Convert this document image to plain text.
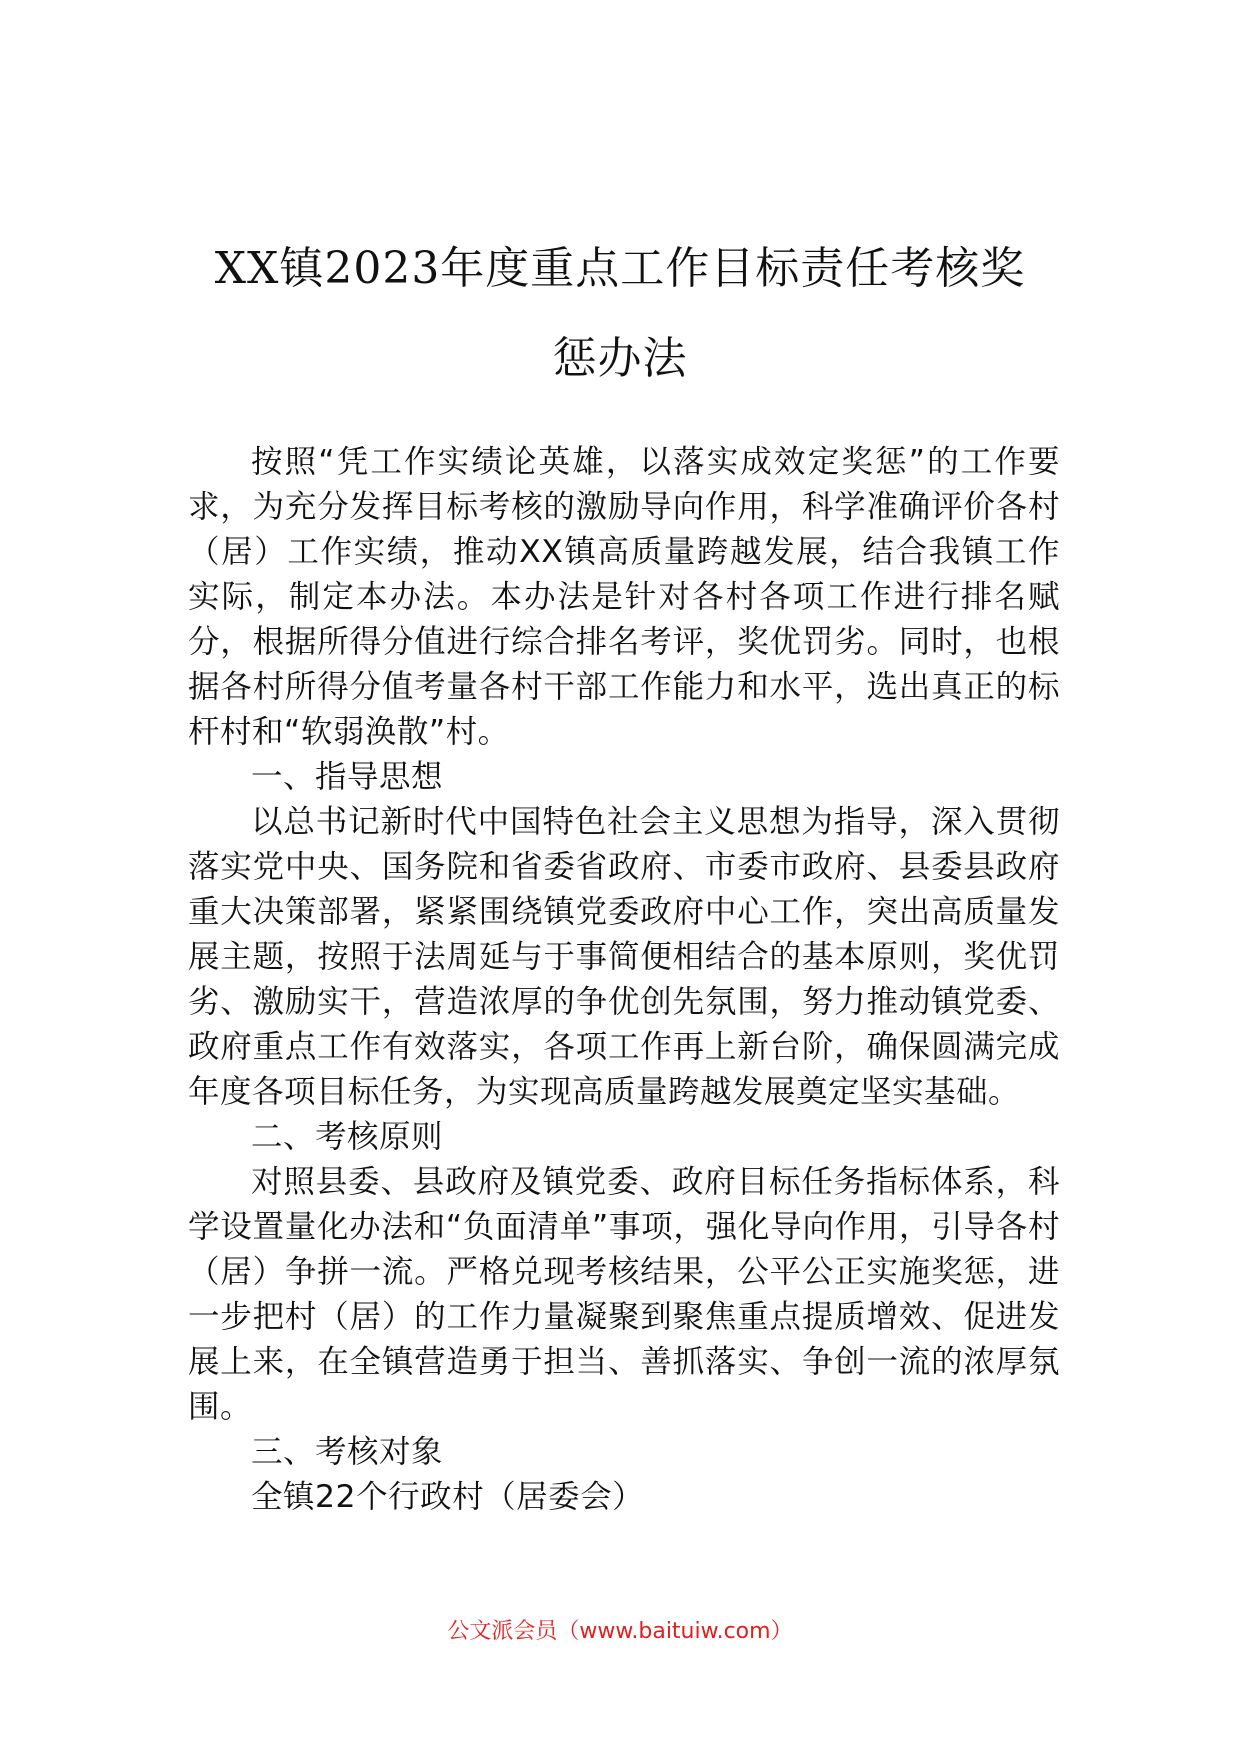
XX镇2023年度重点工作目标责任考核奖
惩办法

按照“凭工作实绩论英雄，以落实成效定奖惩”的工作要求，为充分发挥目标考核的激励导向作用，科学准确评价各村（居）工作实绩，推动XX镇高质量跨越发展，结合我镇工作实际，制定本办法。本办法是针对各村各项工作进行排名赋分，根据所得分值进行综合排名考评，奖优罚劣。同时，也根据各村所得分值考量各村干部工作能力和水平，选出真正的标杆村和“软弱涣散”村。

一、指导思想

以总书记新时代中国特色社会主义思想为指导，深入贯彻落实党中央、国务院和省委省政府、市委市政府、县委县政府重大决策部署，紧紧围绕镇党委政府中心工作，突出高质量发展主题，按照于法周延与于事简便相结合的基本原则，奖优罚劣、激励实干，营造浓厚的争优创先氛围，努力推动镇党委、政府重点工作有效落实，各项工作再上新台阶，确保圆满完成年度各项目标任务，为实现高质量跨越发展奠定坚实基础。

二、考核原则

对照县委、县政府及镇党委、政府目标任务指标体系，科学设置量化办法和“负面清单”事项，强化导向作用，引导各村（居）争拼一流。严格兑现考核结果，公平公正实施奖惩，进一步把村（居）的工作力量凝聚到聚焦重点提质增效、促进发展上来，在全镇营造勇于担当、善抓落实、争创一流的浓厚氛围。

三、考核对象

全镇22个行政村（居委会）

公文派会员（www.baituiw.com）
